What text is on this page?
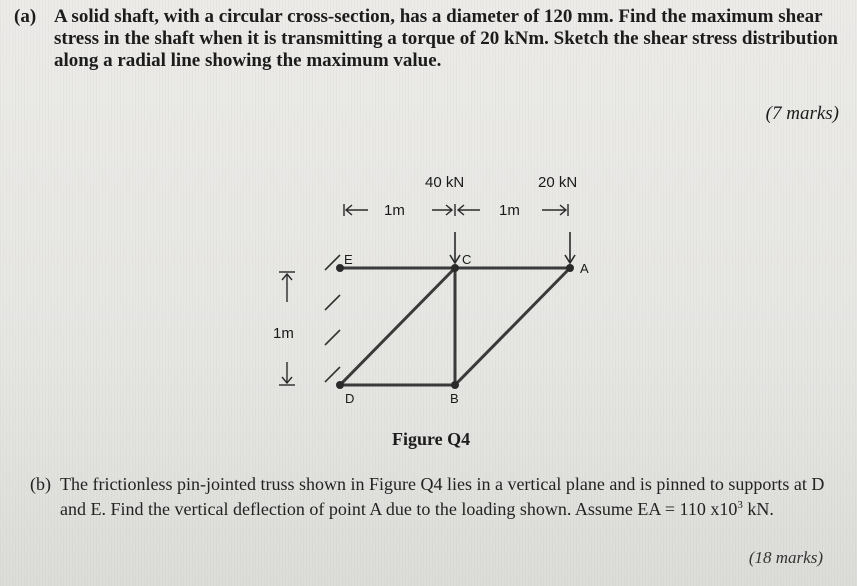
(a) A solid shaft, with a circular cross-section, has a diameter of 120 mm. Find the maximum shear stress in the shaft when it is transmitting a torque of 20 kNm. Sketch the shear stress distribution along a radial line showing the maximum value.
(7 marks)
40 kN	20 kN
1m	1m
1m
E	C
A
D	B
Figure Q4
(b) The frictionless pin-jointed truss shown in Figure Q4 lies in a vertical plane and is pinned to supports at D and E. Find the vertical deflection of point A due to the loading shown. Assume EA = 110 $x10^3$ kN.
(18 marks)
